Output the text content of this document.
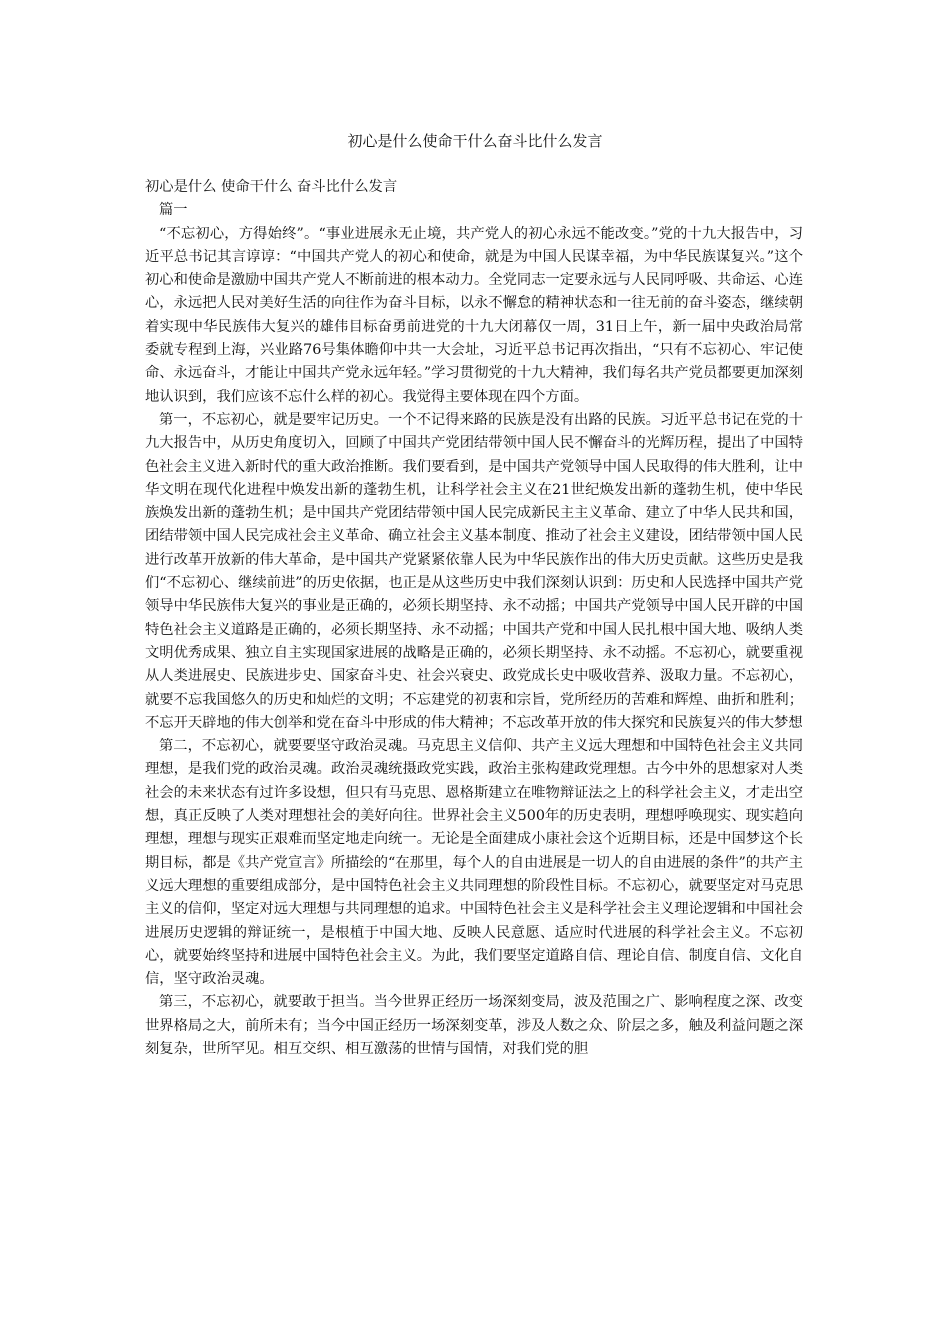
初心是什么使命干什么奋斗比什么发言
初心是什么 使命干什么 奋斗比什么发言

篇一

“不忘初心，方得始终”。“事业进展永无止境，共产党人的初心永远不能改变。”党的十九大报告中，习近平总书记其言谆谆：“中国共产党人的初心和使命，就是为中国人民谋幸福，为中华民族谋复兴。”这个初心和使命是激励中国共产党人不断前进的根本动力。全党同志一定要永远与人民同呼吸、共命运、心连心，永远把人民对美好生活的向往作为奋斗目标，以永不懈怠的精神状态和一往无前的奋斗姿态，继续朝着实现中华民族伟大复兴的雄伟目标奋勇前进党的十九大闭幕仅一周，31日上午，新一届中央政治局常委就专程到上海，兴业路76号集体瞻仰中共一大会址，习近平总书记再次指出，“只有不忘初心、牢记使命、永远奋斗，才能让中国共产党永远年轻。”学习贯彻党的十九大精神，我们每名共产党员都要更加深刻地认识到，我们应该不忘什么样的初心。我觉得主要体现在四个方面。

第一，不忘初心，就是要牢记历史。一个不记得来路的民族是没有出路的民族。习近平总书记在党的十九大报告中，从历史角度切入，回顾了中国共产党团结带领中国人民不懈奋斗的光辉历程，提出了中国特色社会主义进入新时代的重大政治推断。我们要看到，是中国共产党领导中国人民取得的伟大胜利，让中华文明在现代化进程中焕发出新的蓬勃生机，让科学社会主义在21世纪焕发出新的蓬勃生机，使中华民族焕发出新的蓬勃生机；是中国共产党团结带领中国人民完成新民主主义革命、建立了中华人民共和国，团结带领中国人民完成社会主义革命、确立社会主义基本制度、推动了社会主义建设，团结带领中国人民进行改革开放新的伟大革命，是中国共产党紧紧依靠人民为中华民族作出的伟大历史贡献。这些历史是我们“不忘初心、继续前进”的历史依据，也正是从这些历史中我们深刻认识到：历史和人民选择中国共产党领导中华民族伟大复兴的事业是正确的，必须长期坚持、永不动摇；中国共产党领导中国人民开辟的中国特色社会主义道路是正确的，必须长期坚持、永不动摇；中国共产党和中国人民扎根中国大地、吸纳人类文明优秀成果、独立自主实现国家进展的战略是正确的，必须长期坚持、永不动摇。不忘初心，就要重视从人类进展史、民族进步史、国家奋斗史、社会兴衰史、政党成长史中吸收营养、汲取力量。不忘初心，就要不忘我国悠久的历史和灿烂的文明；不忘建党的初衷和宗旨，党所经历的苦难和辉煌、曲折和胜利；不忘开天辟地的伟大创举和党在奋斗中形成的伟大精神；不忘改革开放的伟大探究和民族复兴的伟大梦想

第二，不忘初心，就要要坚守政治灵魂。马克思主义信仰、共产主义远大理想和中国特色社会主义共同理想，是我们党的政治灵魂。政治灵魂统摄政党实践，政治主张构建政党理想。古今中外的思想家对人类社会的未来状态有过许多设想，但只有马克思、恩格斯建立在唯物辩证法之上的科学社会主义，才走出空想，真正反映了人类对理想社会的美好向往。世界社会主义500年的历史表明，理想呼唤现实、现实趋向理想，理想与现实正艰难而坚定地走向统一。无论是全面建成小康社会这个近期目标，还是中国梦这个长期目标，都是《共产党宣言》所描绘的“在那里，每个人的自由进展是一切人的自由进展的条件”的共产主义远大理想的重要组成部分，是中国特色社会主义共同理想的阶段性目标。不忘初心，就要坚定对马克思主义的信仰，坚定对远大理想与共同理想的追求。中国特色社会主义是科学社会主义理论逻辑和中国社会进展历史逻辑的辩证统一，是根植于中国大地、反映人民意愿、适应时代进展的科学社会主义。不忘初心，就要始终坚持和进展中国特色社会主义。为此，我们要坚定道路自信、理论自信、制度自信、文化自信，坚守政治灵魂。

第三，不忘初心，就要敢于担当。当今世界正经历一场深刻变局，波及范围之广、影响程度之深、改变世界格局之大，前所未有；当今中国正经历一场深刻变革，涉及人数之众、阶层之多，触及利益问题之深刻复杂，世所罕见。相互交织、相互激荡的世情与国情，对我们党的胆
